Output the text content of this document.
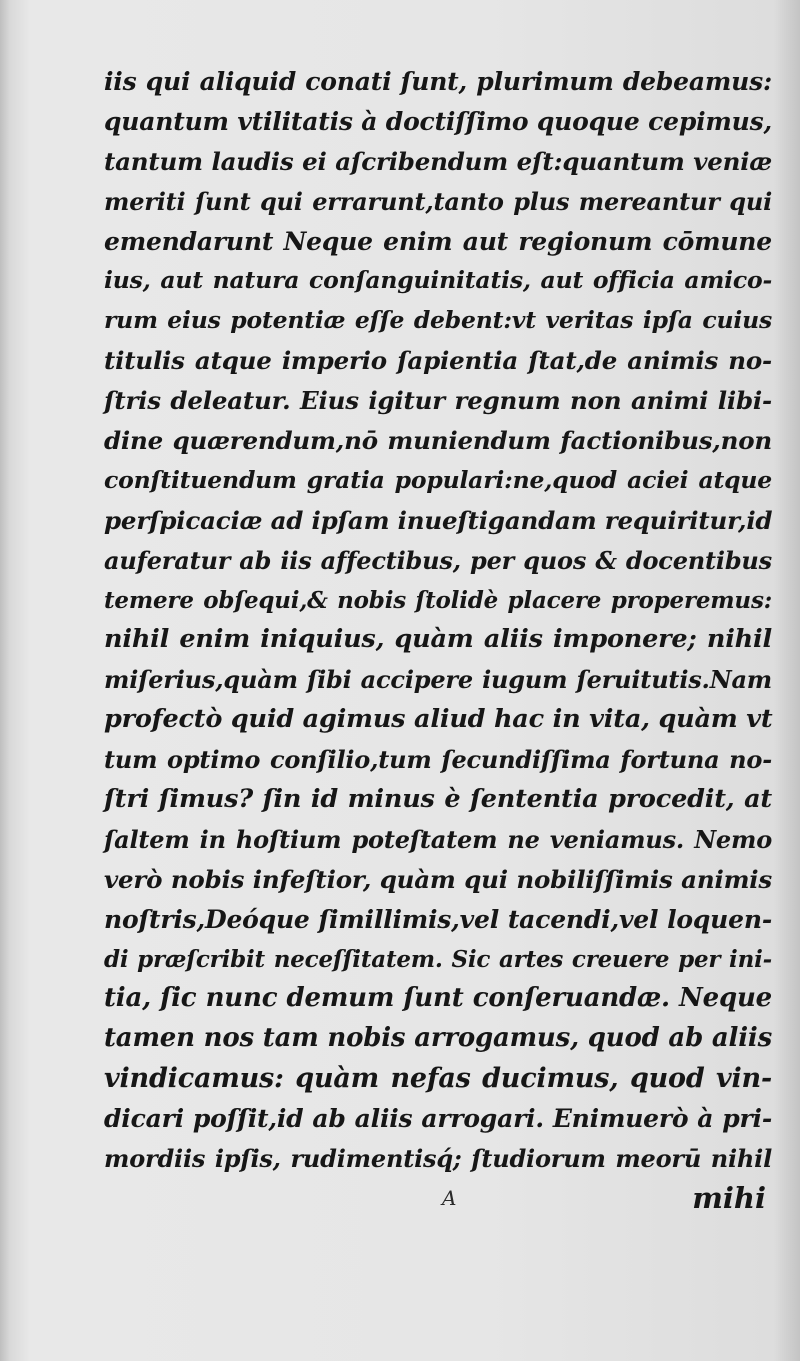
iis qui aliquid conati ſunt, plurimum debeamus:
quantum vtilitatis à doctiſſimo quoque cepimus,
tantum laudis ei aſcribendum eſt:quantum veniæ
meriti ſunt qui errarunt,tanto plus mereantur qui
emendarunt Neque enim aut regionum cōmune
ius, aut natura conſanguinitatis, aut officia amico-
rum eius potentiæ eſſe debent:vt veritas ipſa cuius
titulis atque imperio ſapientia ſtat,de animis no-
ſtris deleatur. Eius igitur regnum non animi libi-
dine quærendum,nō muniendum factionibus,non
conſtituendum gratia populari:ne,quod aciei atque
perſpicaciæ ad ipſam inueſtigandam requiritur,id
auferatur ab iis affectibus, per quos & docentibus
temere obſequi,& nobis ſtolidè placere properemus:
nihil enim iniquius, quàm aliis imponere; nihil
miſerius,quàm ſibi accipere iugum ſeruitutis.Nam
profectò quid agimus aliud hac in vita, quàm vt
tum optimo conſilio,tum ſecundiſſima fortuna no-
ſtri ſimus? ſin id minus è ſententia procedit, at
ſaltem in hoſtium poteſtatem ne veniamus. Nemo
verò nobis infeſtior, quàm qui nobiliſſimis animis
noſtris,Deóque ſimillimis,vel tacendi,vel loquen-
di præſcribit neceſſitatem. Sic artes creuere per ini-
tia, ſic nunc demum ſunt conſeruandæ. Neque
tamen nos tam nobis arrogamus, quod ab aliis
vindicamus: quàm nefas ducimus, quod vin-
dicari poſſit,id ab aliis arrogari. Enimuerò à pri-
mordiis ipſis, rudimentisq́; ſtudiorum meorū nihil
A	mihi
